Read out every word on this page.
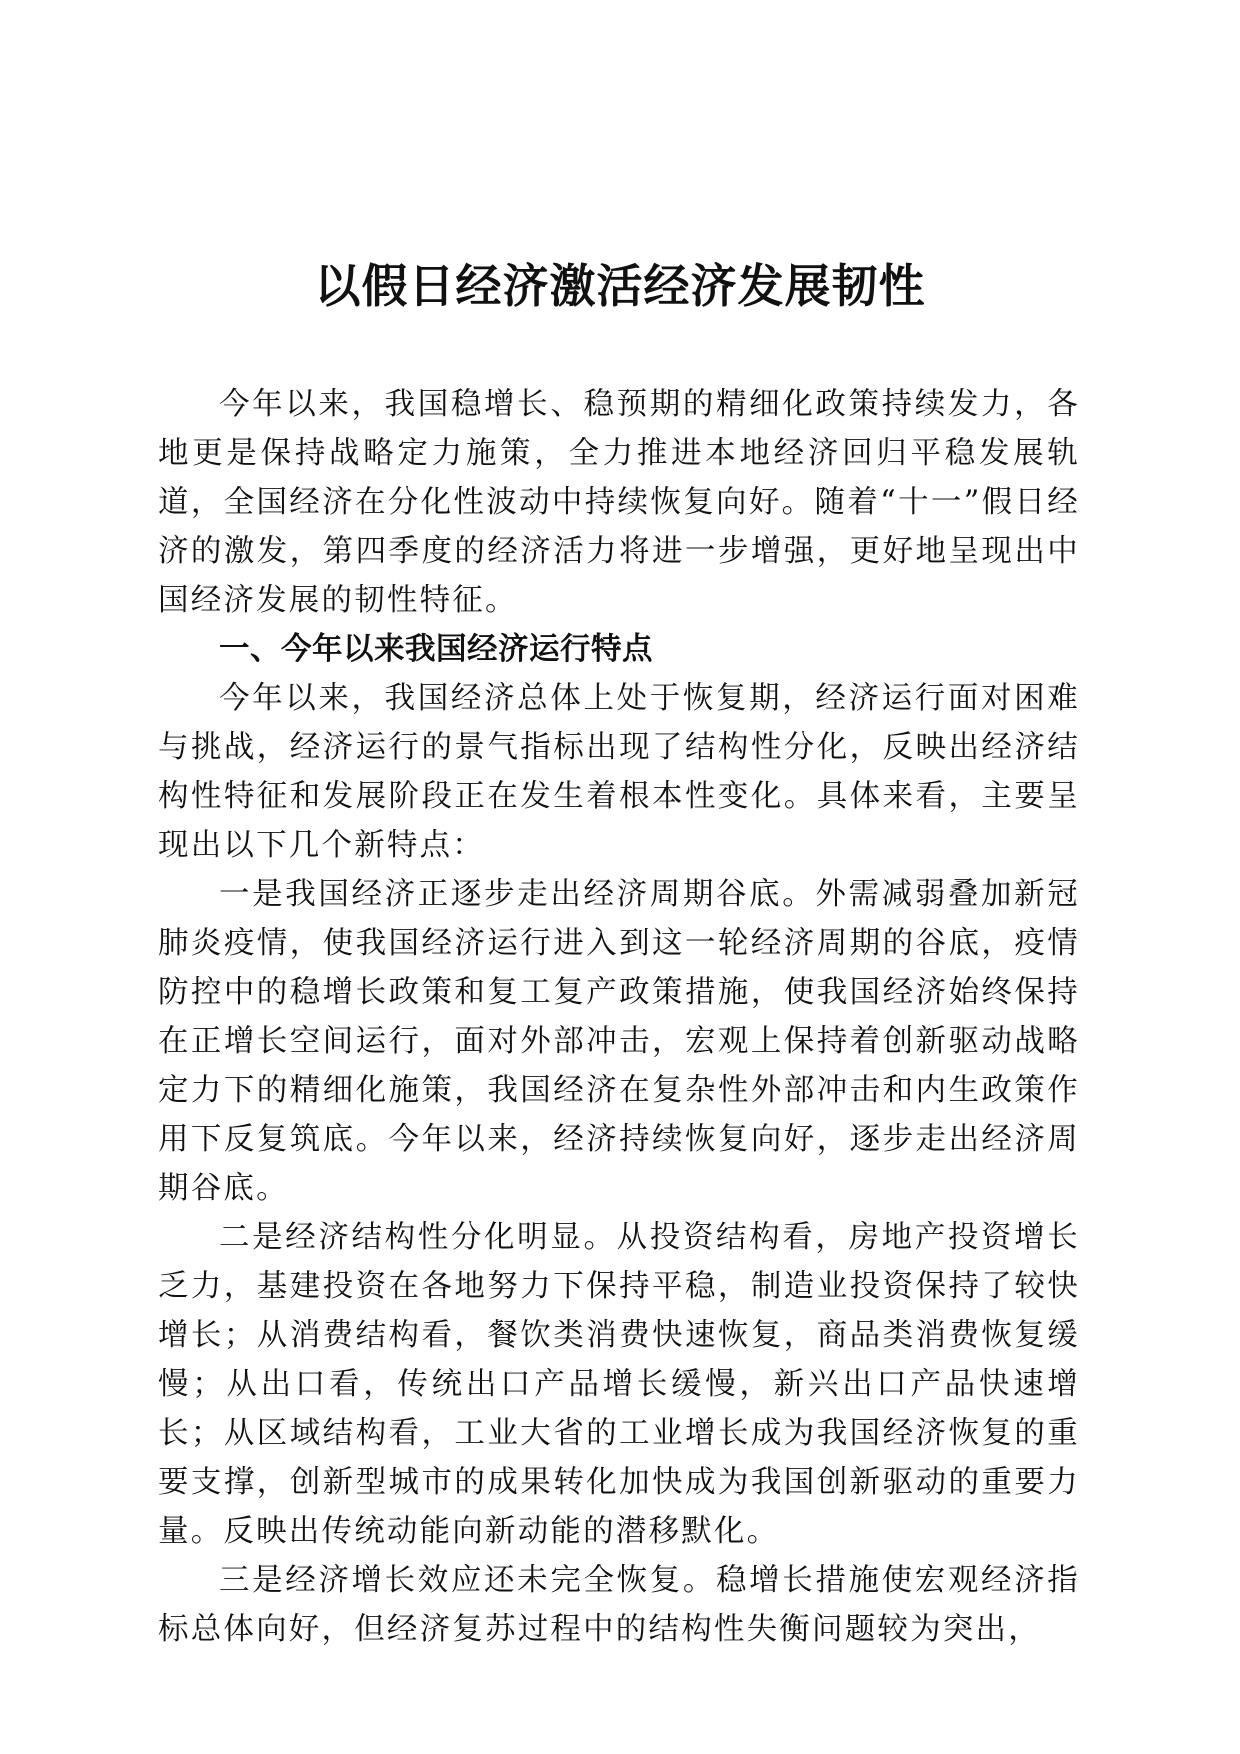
以假日经济激活经济发展韧性

今年以来，我国稳增长、稳预期的精细化政策持续发力，各地更是保持战略定力施策，全力推进本地经济回归平稳发展轨道，全国经济在分化性波动中持续恢复向好。随着“十一”假日经济的激发，第四季度的经济活力将进一步增强，更好地呈现出中国经济发展的韧性特征。

一、今年以来我国经济运行特点

今年以来，我国经济总体上处于恢复期，经济运行面对困难与挑战，经济运行的景气指标出现了结构性分化，反映出经济结构性特征和发展阶段正在发生着根本性变化。具体来看，主要呈现出以下几个新特点：

一是我国经济正逐步走出经济周期谷底。外需减弱叠加新冠肺炎疫情，使我国经济运行进入到这一轮经济周期的谷底，疫情防控中的稳增长政策和复工复产政策措施，使我国经济始终保持在正增长空间运行，面对外部冲击，宏观上保持着创新驱动战略定力下的精细化施策，我国经济在复杂性外部冲击和内生政策作用下反复筑底。今年以来，经济持续恢复向好，逐步走出经济周期谷底。

二是经济结构性分化明显。从投资结构看，房地产投资增长乏力，基建投资在各地努力下保持平稳，制造业投资保持了较快增长；从消费结构看，餐饮类消费快速恢复，商品类消费恢复缓慢；从出口看，传统出口产品增长缓慢，新兴出口产品快速增长；从区域结构看，工业大省的工业增长成为我国经济恢复的重要支撑，创新型城市的成果转化加快成为我国创新驱动的重要力量。反映出传统动能向新动能的潜移默化。

三是经济增长效应还未完全恢复。稳增长措施使宏观经济指标总体向好，但经济复苏过程中的结构性失衡问题较为突出，
